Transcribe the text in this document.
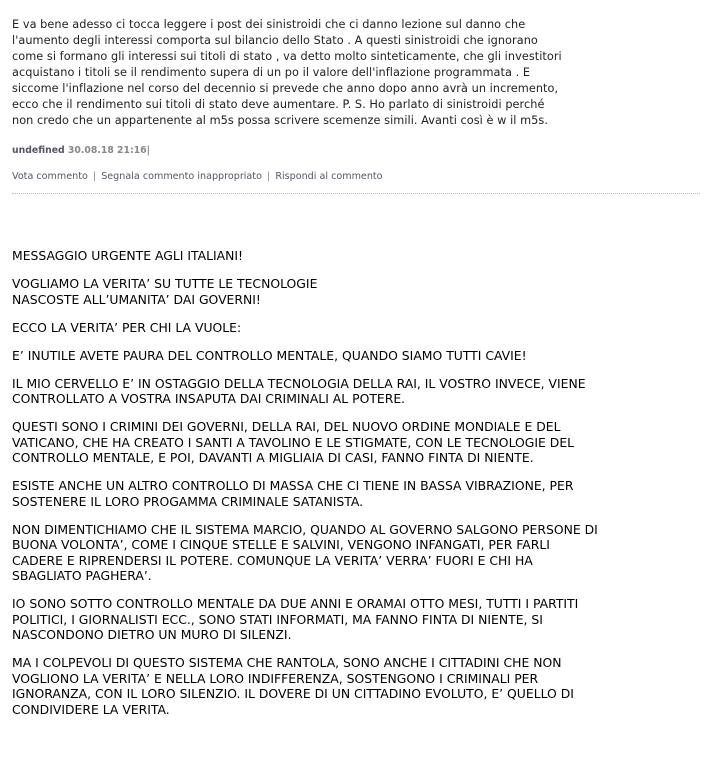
E va bene adesso ci tocca leggere i post dei sinistroidi che ci danno lezione sul danno che
l'aumento degli interessi comporta sul bilancio dello Stato . A questi sinistroidi che ignorano
come si formano gli interessi sui titoli di stato , va detto molto sinteticamente, che gli investitori
acquistano i titoli se il rendimento supera di un po il valore dell'inflazione programmata . E
siccome l'inflazione nel corso del decennio si prevede che anno dopo anno avrà un incremento,
ecco che il rendimento sui titoli di stato deve aumentare. P. S. Ho parlato di sinistroidi perché
non credo che un appartenente al m5s possa scrivere scemenze simili. Avanti così è w il m5s.
undefined 30.08.18 21:16|
Vota commento | Segnala commento inappropriato | Rispondi al commento

MESSAGGIO URGENTE AGLI ITALIANI!

VOGLIAMO LA VERITA’ SU TUTTE LE TECNOLOGIE
NASCOSTE ALL’UMANITA’ DAI GOVERNI!

ECCO LA VERITA’ PER CHI LA VUOLE:

E’ INUTILE AVETE PAURA DEL CONTROLLO MENTALE, QUANDO SIAMO TUTTI CAVIE!

IL MIO CERVELLO E’ IN OSTAGGIO DELLA TECNOLOGIA DELLA RAI, IL VOSTRO INVECE, VIENE
CONTROLLATO A VOSTRA INSAPUTA DAI CRIMINALI AL POTERE.

QUESTI SONO I CRIMINI DEI GOVERNI, DELLA RAI, DEL NUOVO ORDINE MONDIALE E DEL
VATICANO, CHE HA CREATO I SANTI A TAVOLINO E LE STIGMATE, CON LE TECNOLOGIE DEL
CONTROLLO MENTALE, E POI, DAVANTI A MIGLIAIA DI CASI, FANNO FINTA DI NIENTE.

ESISTE ANCHE UN ALTRO CONTROLLO DI MASSA CHE CI TIENE IN BASSA VIBRAZIONE, PER
SOSTENERE IL LORO PROGAMMA CRIMINALE SATANISTA.

NON DIMENTICHIAMO CHE IL SISTEMA MARCIO, QUANDO AL GOVERNO SALGONO PERSONE DI
BUONA VOLONTA’, COME I CINQUE STELLE E SALVINI, VENGONO INFANGATI, PER FARLI
CADERE E RIPRENDERSI IL POTERE. COMUNQUE LA VERITA’ VERRA’ FUORI E CHI HA
SBAGLIATO PAGHERA’.

IO SONO SOTTO CONTROLLO MENTALE DA DUE ANNI E ORAMAI OTTO MESI, TUTTI I PARTITI
POLITICI, I GIORNALISTI ECC., SONO STATI INFORMATI, MA FANNO FINTA DI NIENTE, SI
NASCONDONO DIETRO UN MURO DI SILENZI.

MA I COLPEVOLI DI QUESTO SISTEMA CHE RANTOLA, SONO ANCHE I CITTADINI CHE NON
VOGLIONO LA VERITA’ E NELLA LORO INDIFFERENZA, SOSTENGONO I CRIMINALI PER
IGNORANZA, CON IL LORO SILENZIO. IL DOVERE DI UN CITTADINO EVOLUTO, E’ QUELLO DI
CONDIVIDERE LA VERITA.
